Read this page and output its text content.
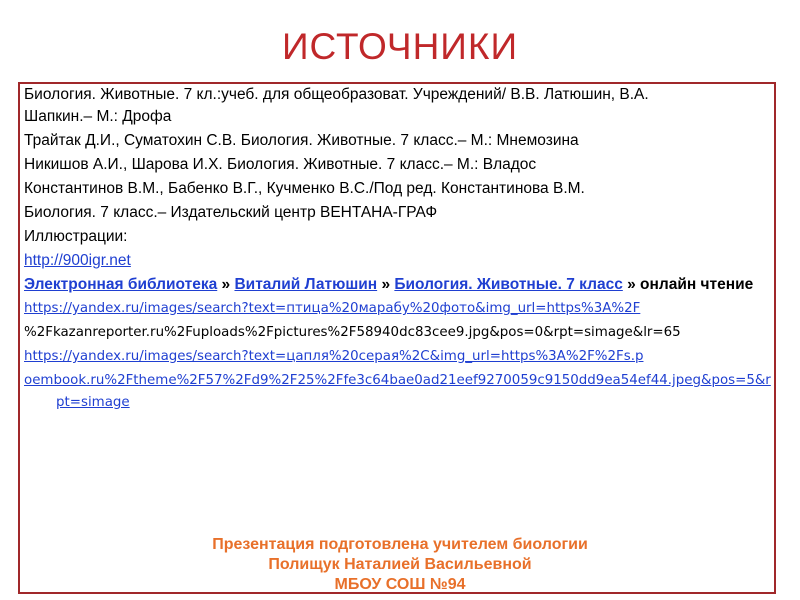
ИСТОЧНИКИ
Биология. Животные. 7 кл.:учеб. для общеобразоват. Учреждений/ В.В. Латюшин, В.А.
Шапкин.– М.: Дрофа
Трайтак Д.И., Суматохин С.В. Биология. Животные. 7 класс.– М.: Мнемозина
Никишов А.И., Шарова И.Х. Биология. Животные. 7 класс.– М.: Владос
Константинов В.М., Бабенко В.Г., Кучменко В.С./Под ред. Константинова В.М.
Биология. 7 класс.– Издательский центр ВЕНТАНА-ГРАФ
Иллюстрации:
http://900igr.net
Электронная библиотека » Виталий Латюшин » Биология. Животные. 7 класс » онлайн чтение
https://yandex.ru/images/search?text=птица%20марабу%20фото&img_url=https%3A%2F
%2Fkazanreporter.ru%2Fuploads%2Fpictures%2F58940dc83cee9.jpg&pos=0&rpt=simage&lr=65
https://yandex.ru/images/search?text=цапля%20серая%2C&img_url=https%3A%2F%2Fs.p
oembook.ru%2Ftheme%2F57%2Fd9%2F25%2Ffe3c64bae0ad21eef9270059c9150dd9ea54ef44.jpeg&pos=5&rpt=simage
Презентация подготовлена учителем биологии
Полищук Наталией Васильевной
МБОУ СОШ №94
